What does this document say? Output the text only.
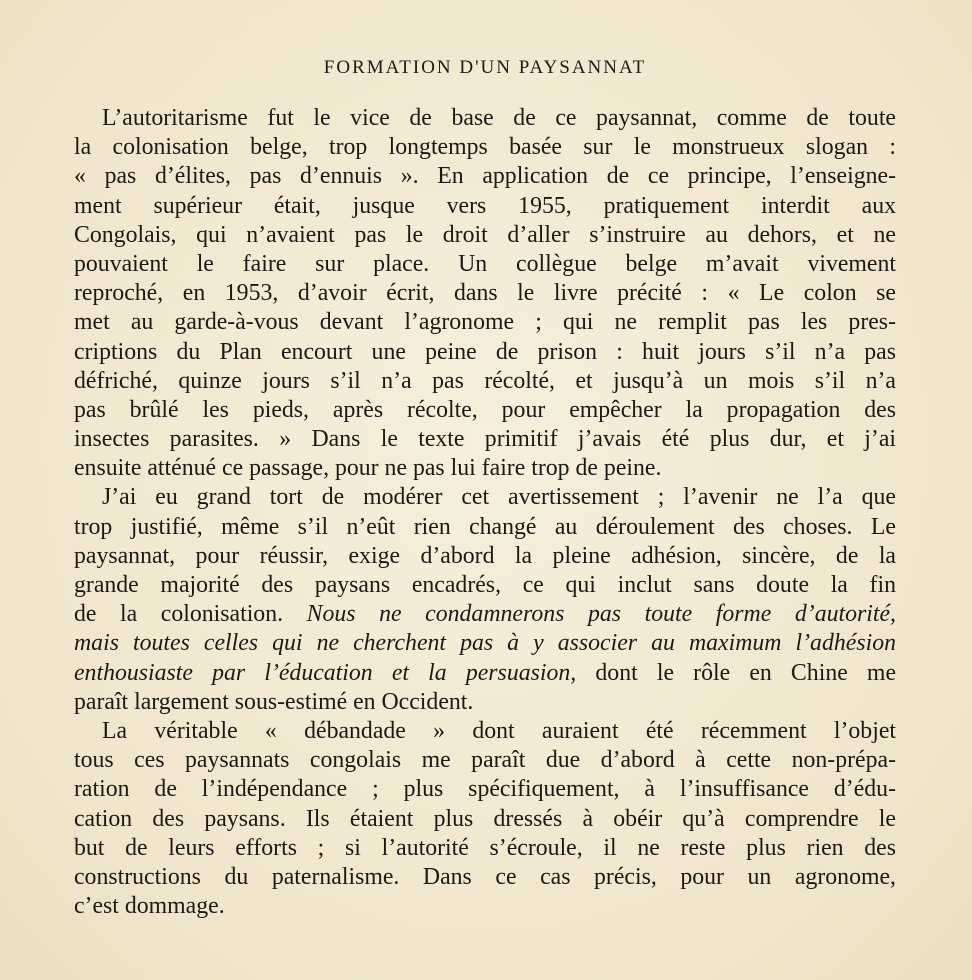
FORMATION D'UN PAYSANNAT
L’autoritarisme fut le vice de base de ce paysannat, comme de toute
la colonisation belge, trop longtemps basée sur le monstrueux slogan :
« pas d’élites, pas d’ennuis ». En application de ce principe, l’enseigne-
ment supérieur était, jusque vers 1955, pratiquement interdit aux
Congolais, qui n’avaient pas le droit d’aller s’instruire au dehors, et ne
pouvaient le faire sur place. Un collègue belge m’avait vivement
reproché, en 1953, d’avoir écrit, dans le livre précité : « Le colon se
met au garde-à-vous devant l’agronome ; qui ne remplit pas les pres-
criptions du Plan encourt une peine de prison : huit jours s’il n’a pas
défriché, quinze jours s’il n’a pas récolté, et jusqu’à un mois s’il n’a
pas brûlé les pieds, après récolte, pour empêcher la propagation des
insectes parasites. » Dans le texte primitif j’avais été plus dur, et j’ai
ensuite atténué ce passage, pour ne pas lui faire trop de peine.
J’ai eu grand tort de modérer cet avertissement ; l’avenir ne l’a que
trop justifié, même s’il n’eût rien changé au déroulement des choses. Le
paysannat, pour réussir, exige d’abord la pleine adhésion, sincère, de la
grande majorité des paysans encadrés, ce qui inclut sans doute la fin
de la colonisation. Nous ne condamnerons pas toute forme d’autorité,
mais toutes celles qui ne cherchent pas à y associer au maximum l’adhésion
enthousiaste par l’éducation et la persuasion, dont le rôle en Chine me
paraît largement sous-estimé en Occident.
La véritable « débandade » dont auraient été récemment l’objet
tous ces paysannats congolais me paraît due d’abord à cette non-prépa-
ration de l’indépendance ; plus spécifiquement, à l’insuffisance d’édu-
cation des paysans. Ils étaient plus dressés à obéir qu’à comprendre le
but de leurs efforts ; si l’autorité s’écroule, il ne reste plus rien des
constructions du paternalisme. Dans ce cas précis, pour un agronome,
c’est dommage.
